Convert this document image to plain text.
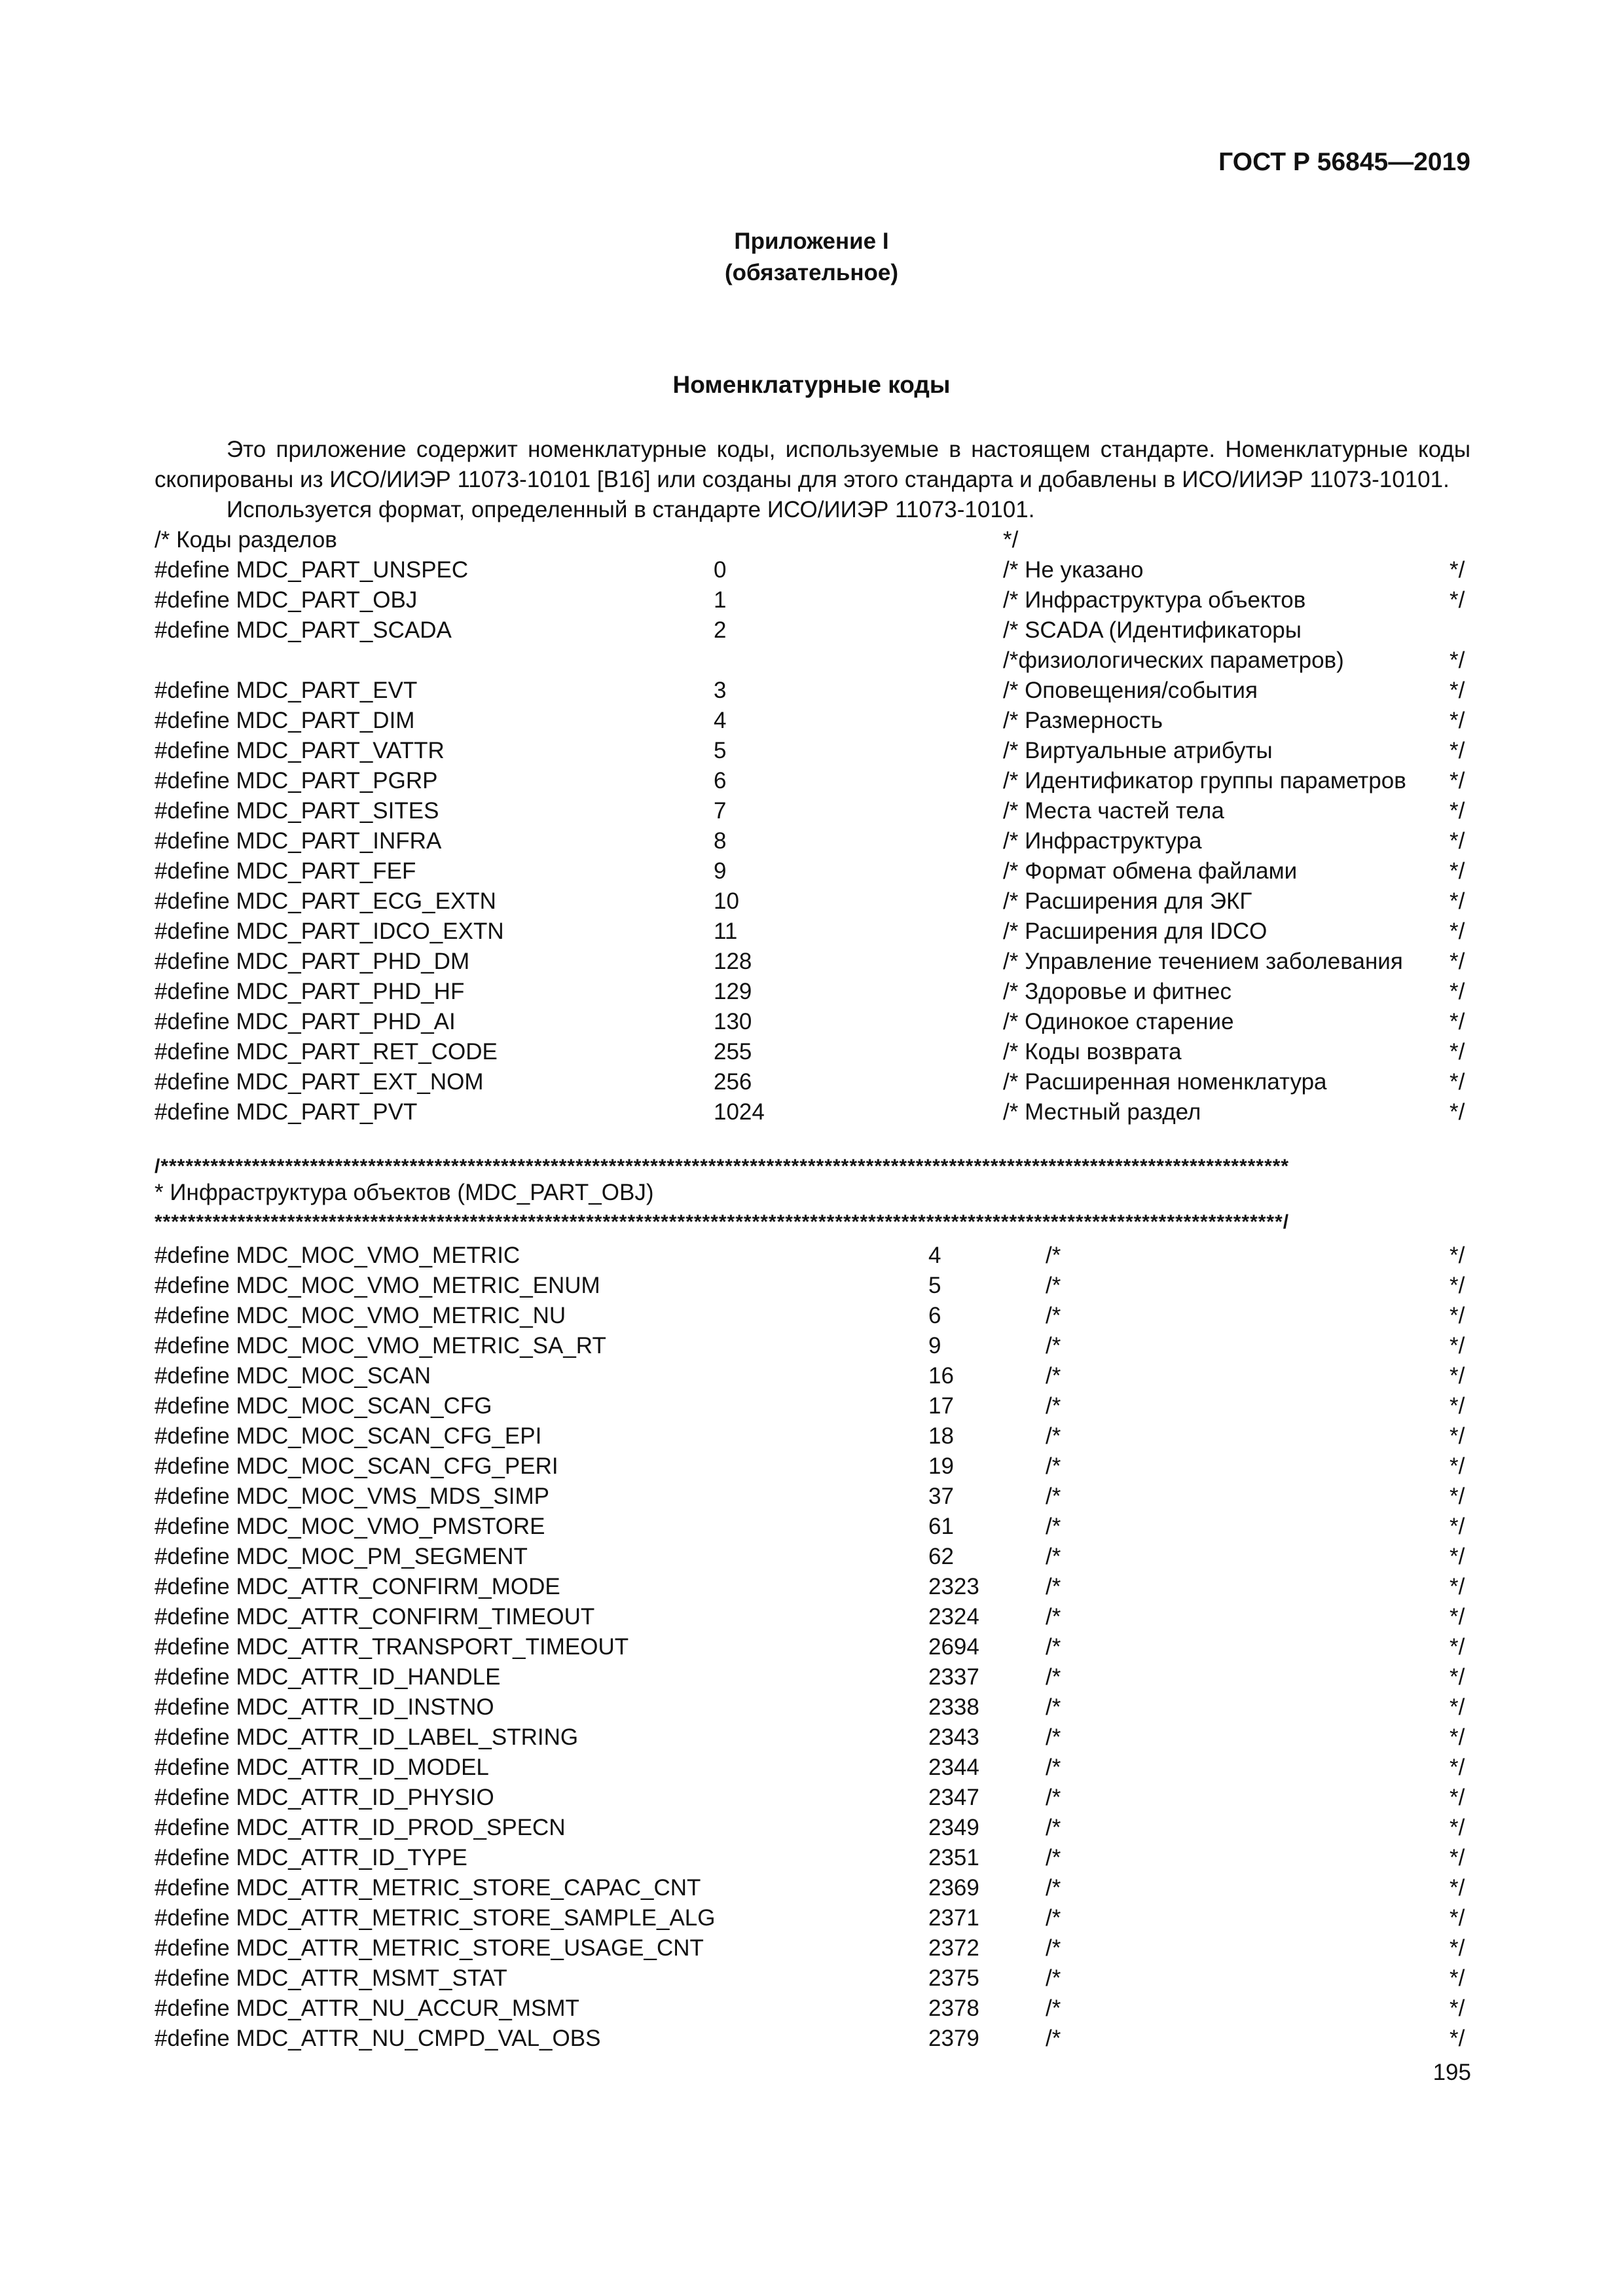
ГОСТ Р 56845—2019
Приложение I
(обязательное)
Номенклатурные коды
Это приложение содержит номенклатурные коды, используемые в настоящем стандарте. Номенклатурные коды скопированы из ИСО/ИИЭР 11073-10101 [B16] или созданы для этого стандарта и добавлены в ИСО/ИИЭР 11073-10101.
Используется формат, определенный в стандарте ИСО/ИИЭР 11073-10101.
/* Коды разделов	*/
#define MDC_PART_UNSPEC	0	/* Не указано	*/
#define MDC_PART_OBJ	1	/* Инфраструктура объектов	*/
#define MDC_PART_SCADA	2	/* SCADA (Идентификаторы
/*физиологических параметров)	*/
#define MDC_PART_EVT	3	/* Оповещения/события	*/
#define MDC_PART_DIM	4	/* Размерность	*/
#define MDC_PART_VATTR	5	/* Виртуальные атрибуты	*/
#define MDC_PART_PGRP	6	/* Идентификатор группы параметров */
#define MDC_PART_SITES	7	/* Места частей тела	*/
#define MDC_PART_INFRA	8	/* Инфраструктура	*/
#define MDC_PART_FEF	9	/* Формат обмена файлами	*/
#define MDC_PART_ECG_EXTN	10	/* Расширения для ЭКГ	*/
#define MDC_PART_IDCO_EXTN	11	/* Расширения для IDCO	*/
#define MDC_PART_PHD_DM	128	/* Управление течением заболевания */
#define MDC_PART_PHD_HF	129	/* Здоровье и фитнес	*/
#define MDC_PART_PHD_AI	130	/* Одинокое старение	*/
#define MDC_PART_RET_CODE	255	/* Коды возврата	*/
#define MDC_PART_EXT_NOM	256	/* Расширенная номенклатура	*/
#define MDC_PART_PVT	1024	/* Местный раздел	*/
/****************************************************************************************************************************************
* Инфраструктура объектов (MDC_PART_OBJ)
****************************************************************************************************************************************/
#define MDC_MOC_VMO_METRIC	4	/*	*/
#define MDC_MOC_VMO_METRIC_ENUM	5	/*	*/
#define MDC_MOC_VMO_METRIC_NU	6	/*	*/
#define MDC_MOC_VMO_METRIC_SA_RT	9	/*	*/
#define MDC_MOC_SCAN	16	/*	*/
#define MDC_MOC_SCAN_CFG	17	/*	*/
#define MDC_MOC_SCAN_CFG_EPI	18	/*	*/
#define MDC_MOC_SCAN_CFG_PERI	19	/*	*/
#define MDC_MOC_VMS_MDS_SIMP	37	/*	*/
#define MDC_MOC_VMO_PMSTORE	61	/*	*/
#define MDC_MOC_PM_SEGMENT	62	/*	*/
#define MDC_ATTR_CONFIRM_MODE	2323	/*	*/
#define MDC_ATTR_CONFIRM_TIMEOUT	2324	/*	*/
#define MDC_ATTR_TRANSPORT_TIMEOUT	2694	/*	*/
#define MDC_ATTR_ID_HANDLE	2337	/*	*/
#define MDC_ATTR_ID_INSTNO	2338	/*	*/
#define MDC_ATTR_ID_LABEL_STRING	2343	/*	*/
#define MDC_ATTR_ID_MODEL	2344	/*	*/
#define MDC_ATTR_ID_PHYSIO	2347	/*	*/
#define MDC_ATTR_ID_PROD_SPECN	2349	/*	*/
#define MDC_ATTR_ID_TYPE	2351	/*	*/
#define MDC_ATTR_METRIC_STORE_CAPAC_CNT	2369	/*	*/
#define MDC_ATTR_METRIC_STORE_SAMPLE_ALG	2371	/*	*/
#define MDC_ATTR_METRIC_STORE_USAGE_CNT	2372	/*	*/
#define MDC_ATTR_MSMT_STAT	2375	/*	*/
#define MDC_ATTR_NU_ACCUR_MSMT	2378	/*	*/
#define MDC_ATTR_NU_CMPD_VAL_OBS	2379	/*	*/
195
